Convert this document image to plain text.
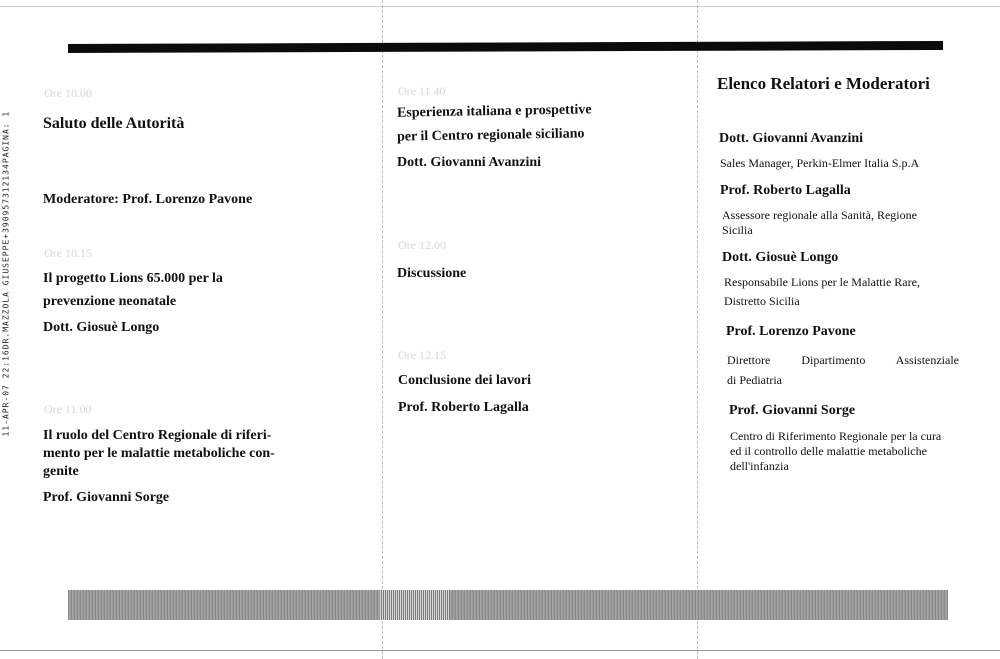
11-APR-07 22:16
DR.MAZZOLA GIUSEPPE
+390957312134
PAGINA: 1
Ore 10.00
Saluto delle Autorità
Moderatore: Prof. Lorenzo Pavone
Ore 10.15
Il progetto Lions 65.000 per la
prevenzione neonatale
Dott. Giosuè Longo
Ore 11.00
Il ruolo del Centro Regionale di riferi-
mento per le malattie metaboliche con-
genite
Prof. Giovanni Sorge
Ore 11.40
Esperienza italiana e prospettive
per il Centro regionale siciliano
Dott. Giovanni Avanzini
Ore 12.00
Discussione
Ore 12.15
Conclusione dei lavori
Prof. Roberto Lagalla
Elenco Relatori e Moderatori
Dott. Giovanni Avanzini
Sales Manager, Perkin-Elmer Italia S.p.A
Prof. Roberto Lagalla
Assessore regionale alla Sanità, Regione
Sicilia
Dott. Giosuè Longo
Responsabile Lions per le Malattie Rare,
Distretto Sicilia
Prof. Lorenzo Pavone
Direttore Dipartimento Assistenziale
di Pediatria
Prof. Giovanni Sorge
Centro di Riferimento Regionale per la cura
ed il controllo delle malattie metaboliche
dell'infanzia
